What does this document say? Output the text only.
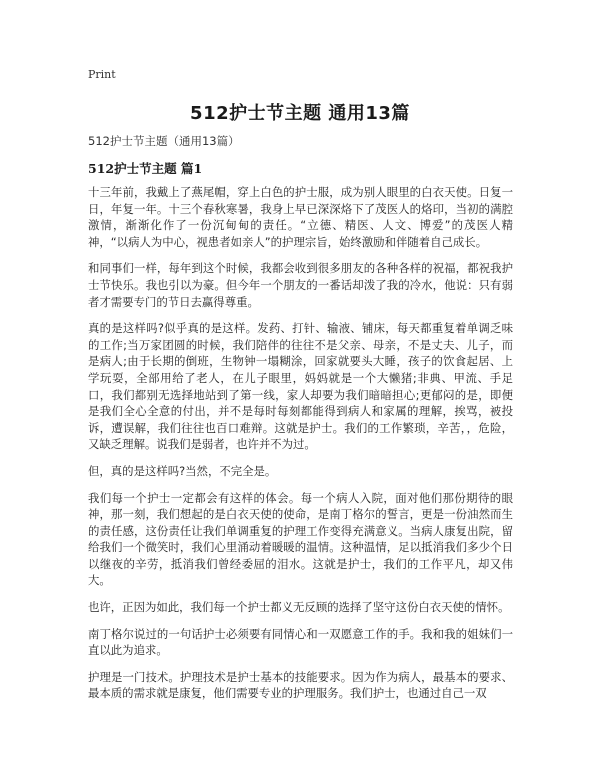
Print
512护士节主题 通用13篇

512护士节主题（通用13篇）

512护士节主题 篇1

十三年前，我戴上了燕尾帽，穿上白色的护士服，成为别人眼里的白衣天使。日复一日，年复一年。十三个春秋寒暑，我身上早已深深烙下了茂医人的烙印，当初的满腔激情，渐渐化作了一份沉甸甸的责任。“立德、精医、人文、博爱”的茂医人精神，“以病人为中心，视患者如亲人”的护理宗旨，始终激励和伴随着自己成长。

和同事们一样，每年到这个时候，我都会收到很多朋友的各种各样的祝福，都祝我护士节快乐。我也引以为豪。但今年一个朋友的一番话却泼了我的冷水，他说：只有弱者才需要专门的节日去赢得尊重。

真的是这样吗?似乎真的是这样。发药、打针、输液、铺床，每天都重复着单调乏味的工作;当万家团圆的时候，我们陪伴的往往不是父亲、母亲，不是丈夫、儿子，而是病人;由于长期的倒班，生物钟一塌糊涂，回家就要头大睡，孩子的饮食起居、上学玩耍，全部用给了老人，在儿子眼里，妈妈就是一个大懒猪;非典、甲流、手足口，我们都别无选择地站到了第一线，家人却要为我们暗暗担心;更郁闷的是，即便是我们全心全意的付出，并不是每时每刻都能得到病人和家属的理解，挨骂，被投诉，遭误解，我们往往也百口难辩。这就是护士。我们的工作繁琐，辛苦，，危险，又缺乏理解。说我们是弱者，也许并不为过。

但，真的是这样吗?当然，不完全是。

我们每一个护士一定都会有这样的体会。每一个病人入院，面对他们那份期待的眼神，那一刻，我们想起的是白衣天使的使命，是南丁格尔的誓言，更是一份油然而生的责任感，这份责任让我们单调重复的护理工作变得充满意义。当病人康复出院，留给我们一个微笑时，我们心里涌动着暖暖的温情。这种温情，足以抵消我们多少个日以继夜的辛劳，抵消我们曾经委屈的泪水。这就是护士，我们的工作平凡，却又伟大。

也许，正因为如此，我们每一个护士都义无反顾的选择了坚守这份白衣天使的情怀。

南丁格尔说过的一句话护士必须要有同情心和一双愿意工作的手。我和我的姐妹们一直以此为追求。

护理是一门技术。护理技术是护士基本的技能要求。因为作为病人，最基本的要求、最本质的需求就是康复，他们需要专业的护理服务。我们护士，也通过自己一双
